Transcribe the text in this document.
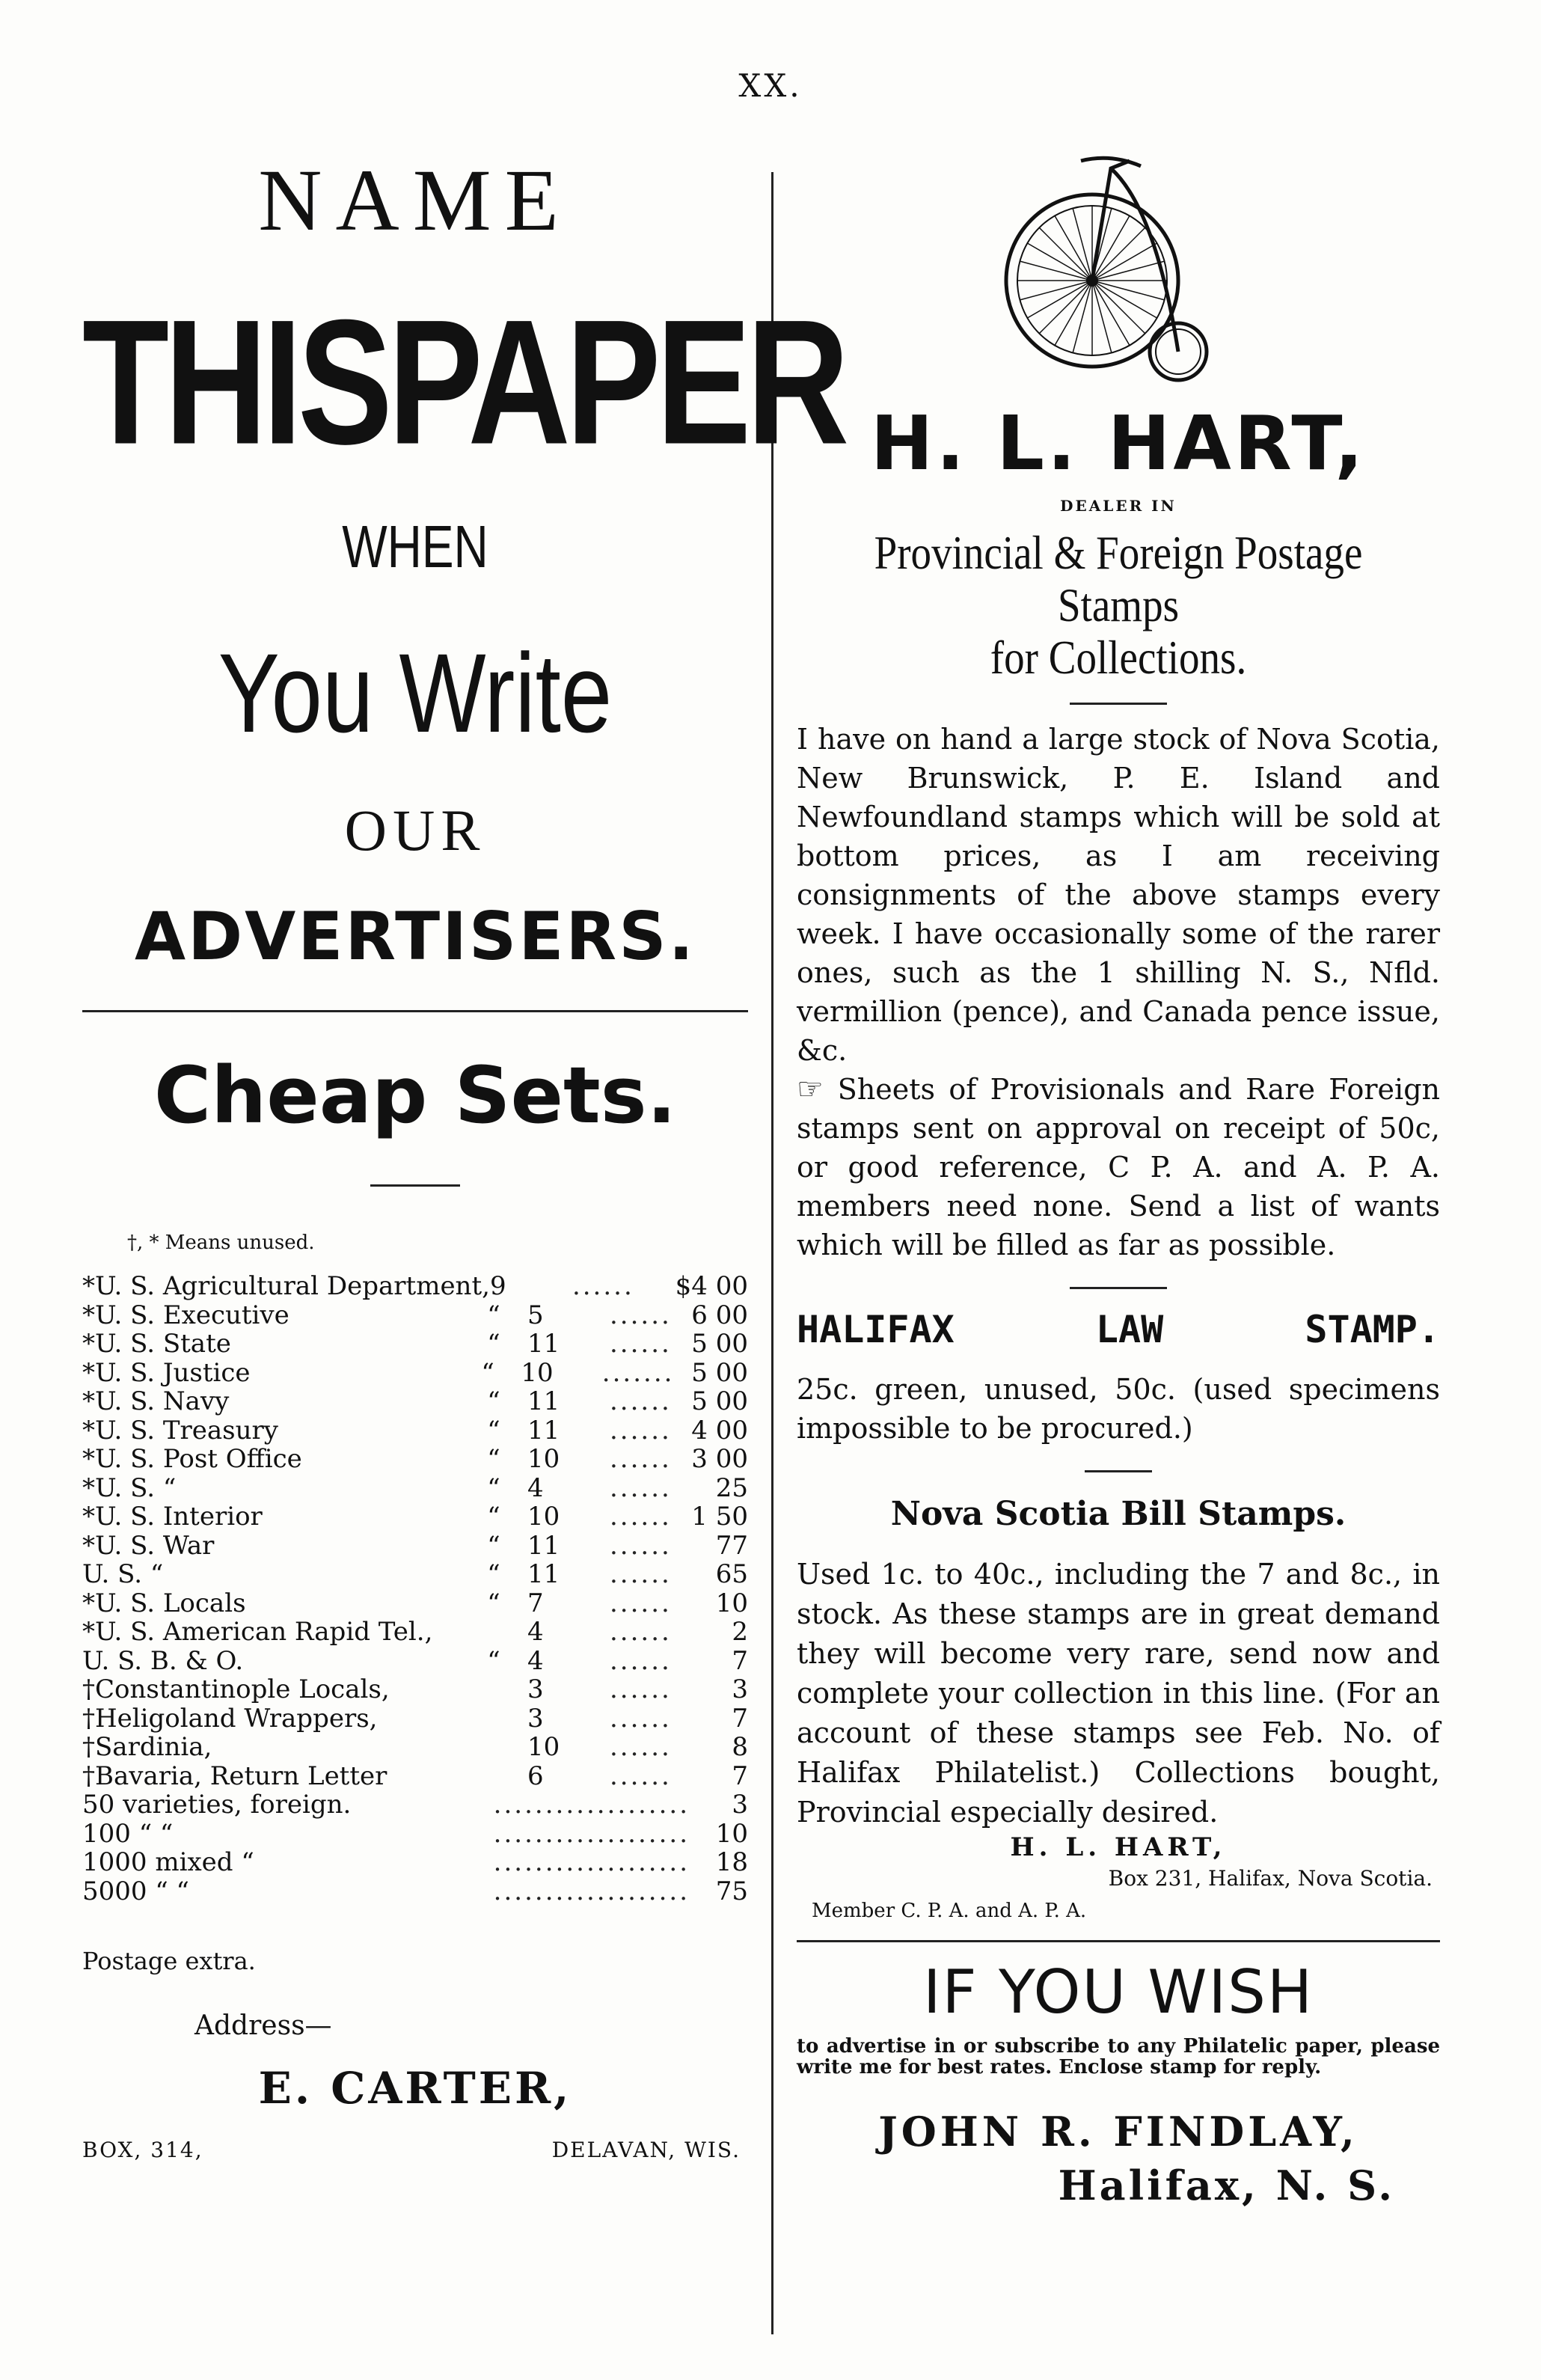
XX.
NAME
THIS PAPER
WHEN
You Write
OUR
ADVERTISERS.
Cheap Sets.
†, * Means unused.
*U. S. Agricultural Department, 9	......	$4 00
*U. S. Executive	“	5	...... 6 00
*U. S. State	“	11	...... 5 00
*U. S. Justice	“	10	....... 5 00
*U. S. Navy	“	11	...... 5 00
*U. S. Treasury	“	11	...... 4 00
*U. S. Post Office	“	10	...... 3 00
*U. S. “	“	4	......	25
*U. S. Interior	“	10	...... 1 50
*U. S. War	“	11	......	77
U. S. “	“	11	......	65
*U. S. Locals	“	7	......	10
*U. S. American Rapid Tel.,	4	......	2
U. S. B. & O.	“	4	......	7
†Constantinople Locals,	3	......	3
†Heligoland Wrappers,	3	......	7
†Sardinia,	10	......	8
†Bavaria, Return Letter	6	......	7
50 varieties, foreign.	...................	3
100 “ “	...................	10
1000 mixed “	...................	18
5000 “ “	...................	75
Postage extra.
Address—
E. CARTER,
BOX, 314,	DELAVAN, WIS.
H. L. HART,
DEALER IN
Provincial & Foreign Postage Stamps
for Collections.
I have on hand a large stock of Nova Scotia, New Brunswick, P. E. Island and Newfoundland stamps which will be sold at bottom prices, as I am receiving consignments of the above stamps every week. I have occasionally some of the rarer ones, such as the 1 shilling N. S., Nfld. vermillion (pence), and Canada pence issue, &c.
☞ Sheets of Provisionals and Rare Foreign stamps sent on approval on receipt of 50c, or good reference, C P. A. and A. P. A. members need none. Send a list of wants which will be filled as far as possible.
HALIFAX	LAW	STAMP.
25c. green, unused, 50c. (used specimens impossible to be procured.)
Nova Scotia Bill Stamps.
Used 1c. to 40c., including the 7 and 8c., in stock. As these stamps are in great demand they will become very rare, send now and complete your collection in this line. (For an account of these stamps see Feb. No. of Halifax Philatelist.) Collections bought, Provincial especially desired.
H. L. HART,
Box 231, Halifax, Nova Scotia.
Member C. P. A. and A. P. A.
IF YOU WISH
to advertise in or subscribe to any Philatelic paper, please write me for best rates. Enclose stamp for reply.
JOHN R. FINDLAY,
Halifax, N. S.
